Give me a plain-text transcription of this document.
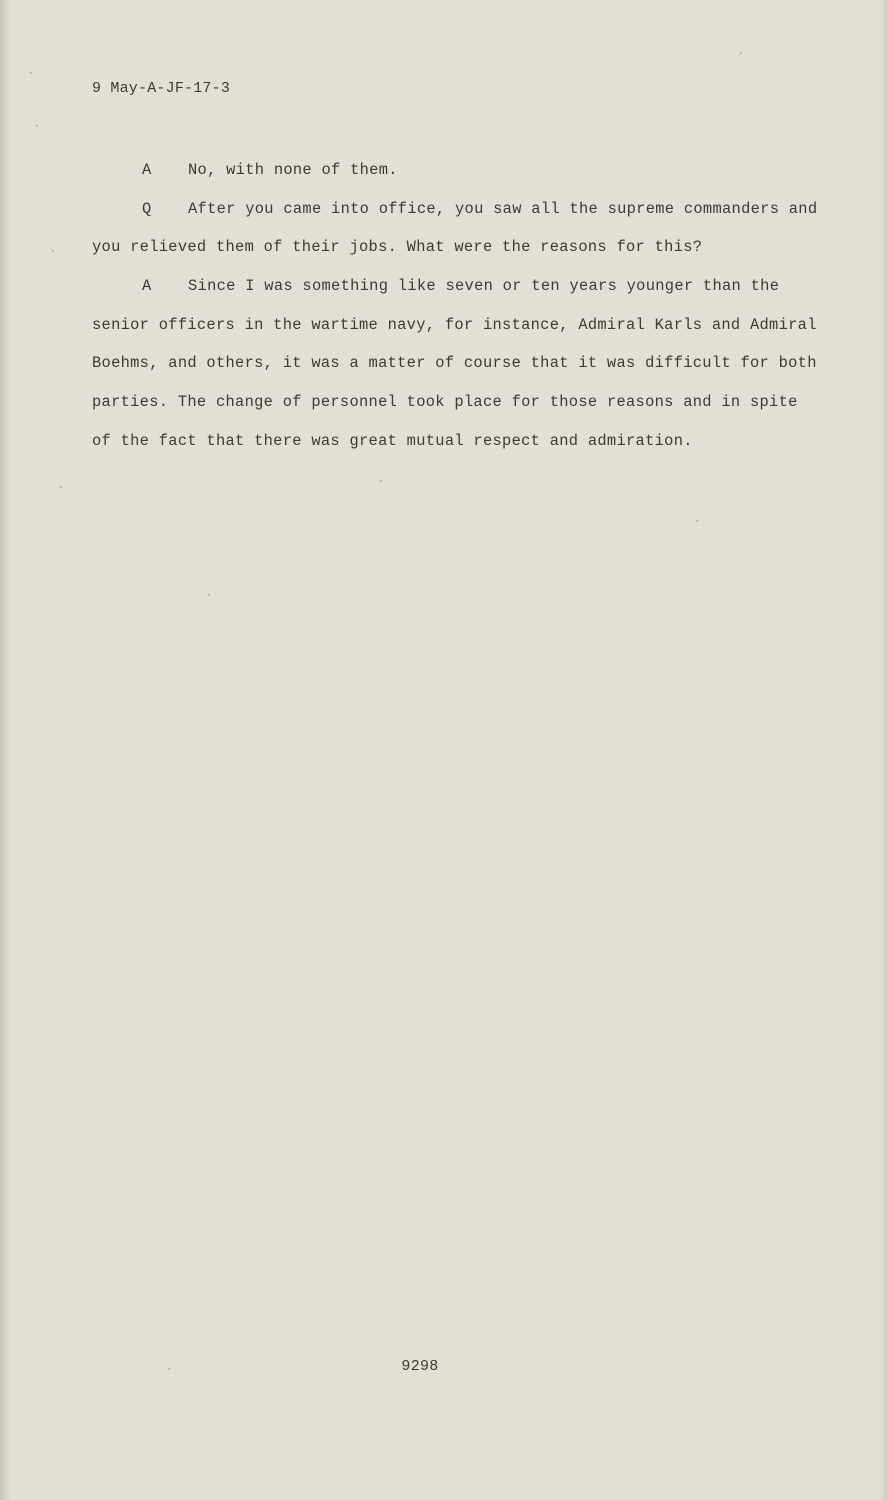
9 May-A-JF-17-3
A No, with none of them.
Q After you came into office, you saw all the supreme commanders and
you relieved them of their jobs. What were the reasons for this?
A Since I was something like seven or ten years younger than the
senior officers in the wartime navy, for instance, Admiral Karls and Admiral
Boehms, and others, it was a matter of course that it was difficult for both
parties. The change of personnel took place for those reasons and in spite
of the fact that there was great mutual respect and admiration.
9298
